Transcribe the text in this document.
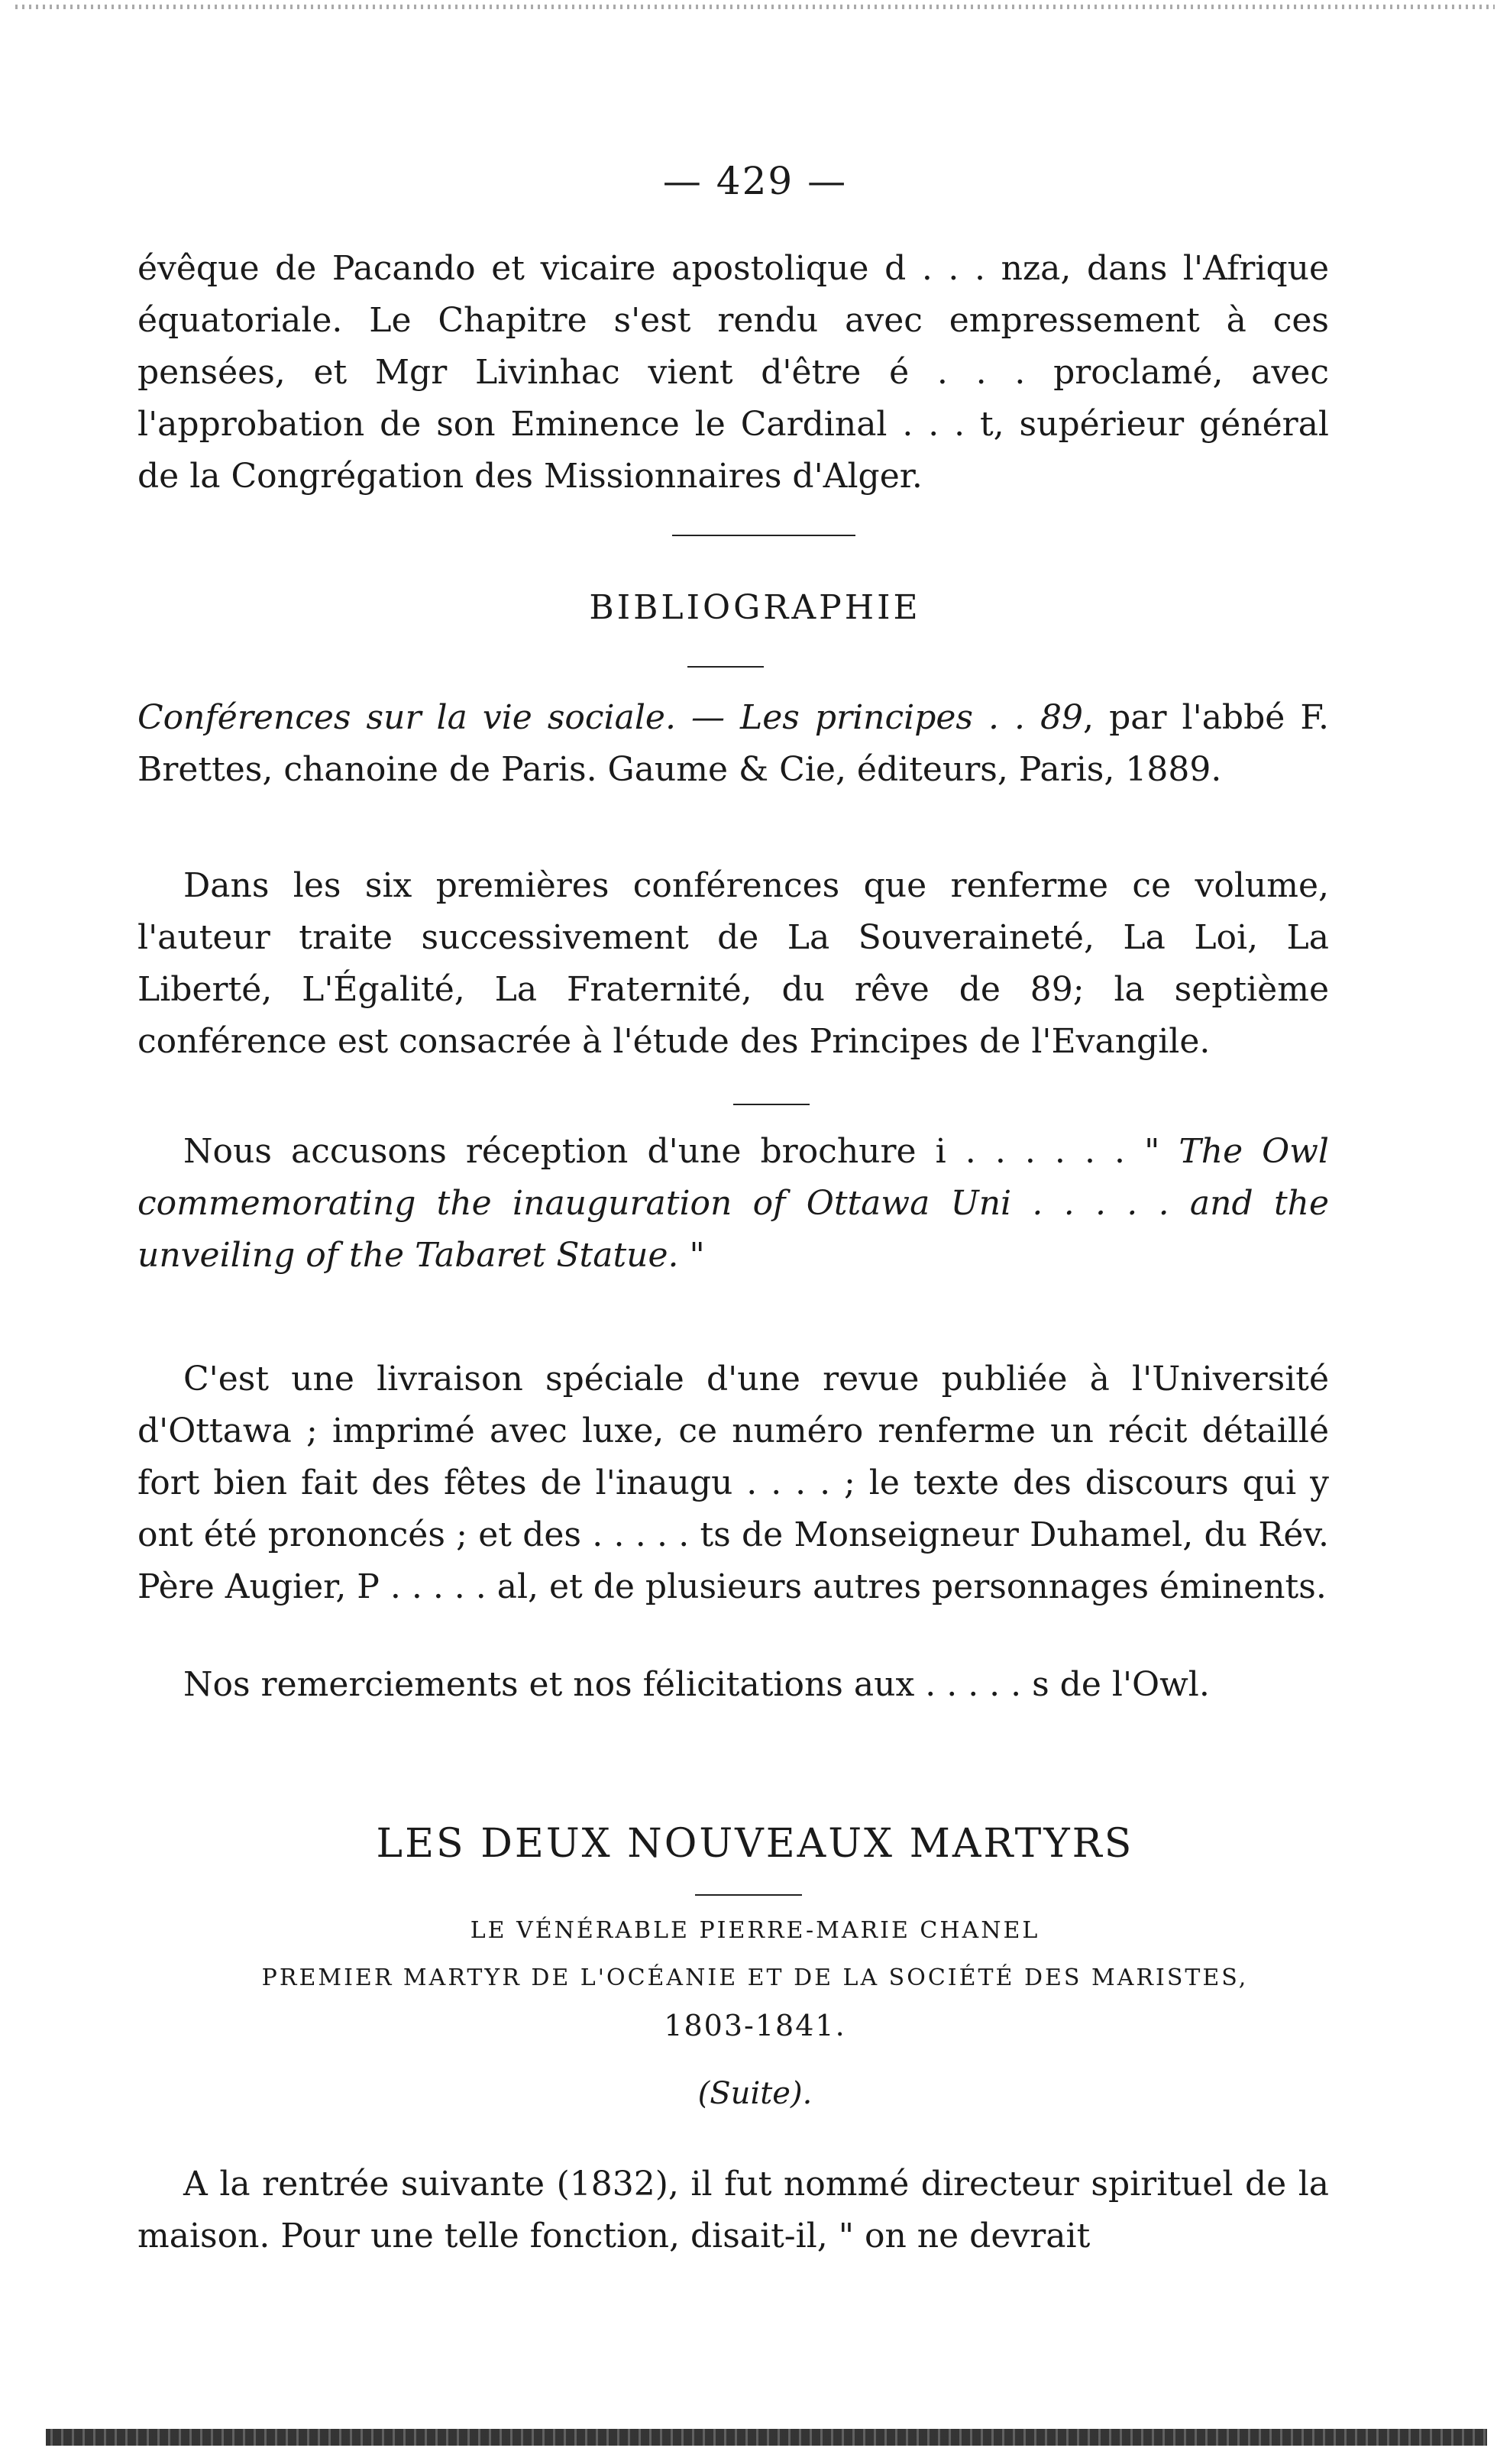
— 429 —

évêque de Pacando et vicaire apostolique d . . . nza, dans l'Afrique équatoriale. Le Chapitre s'est rendu avec empressement à ces pensées, et Mgr Livinhac vient d'être é . . . proclamé, avec l'approbation de son Eminence le Cardinal . . . t, supérieur général de la Congrégation des Missionnaires d'Alger.

BIBLIOGRAPHIE

Conférences sur la vie sociale. — Les principes . . 89, par l'abbé F. Brettes, chanoine de Paris. Gaume & Cie, éditeurs, Paris, 1889.

Dans les six premières conférences que renferme ce volume, l'auteur traite successivement de La Souveraineté, La Loi, La Liberté, L'Égalité, La Fraternité, du rêve de 89; la septième conférence est consacrée à l'étude des Principes de l'Evangile.

Nous accusons réception d'une brochure i . . . . . . " The Owl commemorating the inauguration of Ottawa Uni . . . . . and the unveiling of the Tabaret Statue. "

C'est une livraison spéciale d'une revue publiée à l'Université d'Ottawa ; imprimé avec luxe, ce numéro renferme un récit détaillé fort bien fait des fêtes de l'inaugu . . . . ; le texte des discours qui y ont été prononcés ; et des . . . . . ts de Monseigneur Duhamel, du Rév. Père Augier, P . . . . . al, et de plusieurs autres personnages éminents.

Nos remerciements et nos félicitations aux . . . . . s de l'Owl.

LES DEUX NOUVEAUX MARTYRS
LE VÉNÉRABLE PIERRE-MARIE CHANEL
PREMIER MARTYR DE L'OCÉANIE ET DE LA SOCIÉTÉ DES MARISTES,
1803-1841.
(Suite).

A la rentrée suivante (1832), il fut nommé directeur spirituel de la maison. Pour une telle fonction, disait-il, " on ne devrait
